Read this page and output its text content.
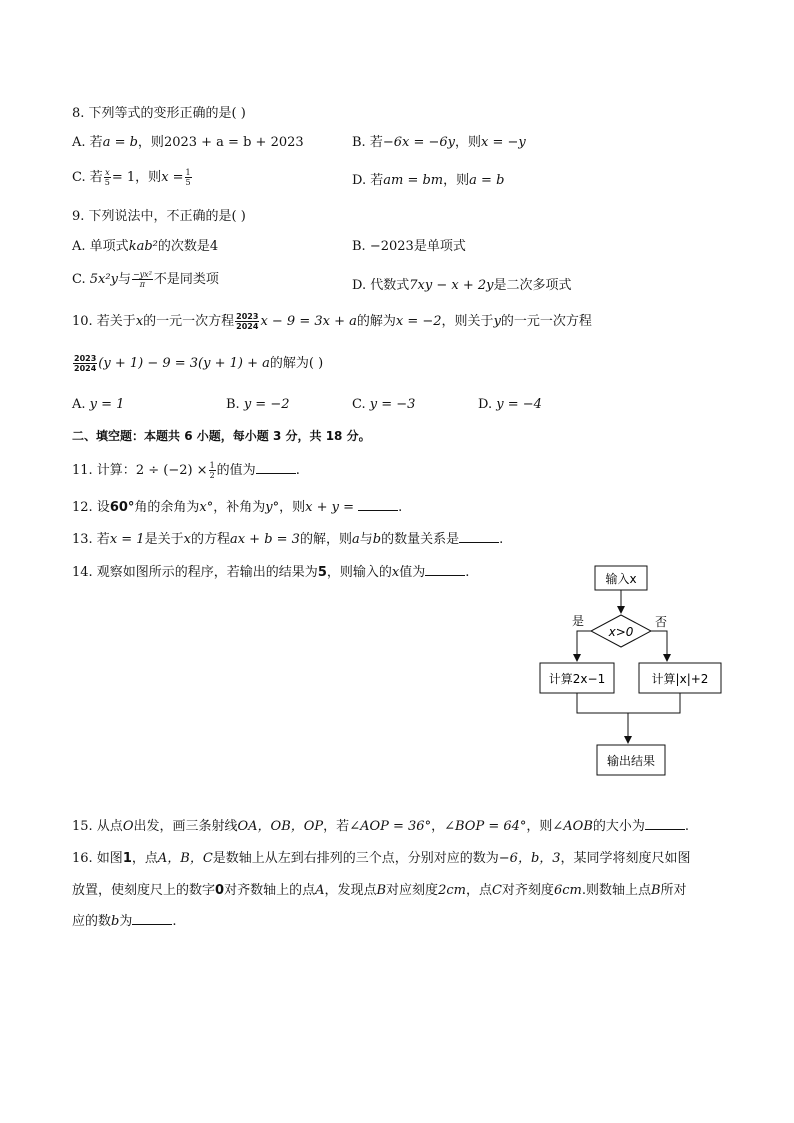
8. 下列等式的变形正确的是( )
A. 若a = b，则2023 + a = b + 2023	B. 若−6x = −6y，则x = −y
C. 若 $\frac{x}{5} = 1$，则$x = \frac{1}{5}$	D. 若am = bm，则a = b
9. 下列说法中，不正确的是( )
A. 单项式kab²的次数是4	B. −2023是单项式
C. 5x²y与 $\frac{\text{−yx²}}{\pi}$ 不是同类项	D. 代数式7xy − x + 2y是二次多项式
10. 若关于x的一元一次方程 $\frac{2023}{2024}$ x − 9 = 3x + a的解为x = −2，则关于y的一元一次方程
$\frac{2023}{2024} (y + 1) - 9 = 3(y + 1) + a$的解为( )
A. y = 1	B. y = −2	C. y = −3	D. y = −4
二、填空题：本题共 6 小题，每小题 3 分，共 18 分。
11. 计算：$2 \div (-2) \times \frac{1}{2}$ 的值为	.
12. 设60°角的余角为x°，补角为y°，则x + y =	.
13. 若x = 1是关于x的方程ax + b = 3的解，则a与b的数量关系是	.
14. 观察如图所示的程序，若输出的结果为5，则输入的x值为	.	输入x
x>0
是	否
计算2x−1	计算|x|+2
输出结果
15. 从点O出发，画三条射线OA，OB，OP，若∠AOP = 36°，∠BOP = 64°，则∠AOB的大小为	.
16. 如图1，点A，B，C是数轴上从左到右排列的三个点，分别对应的数为−6，b，3，某同学将刻度尺如图
放置，使刻度尺上的数字0对齐数轴上的点A，发现点B对应刻度2cm，点C对齐刻度6cm.则数轴上点B所对
应的数b为	.
